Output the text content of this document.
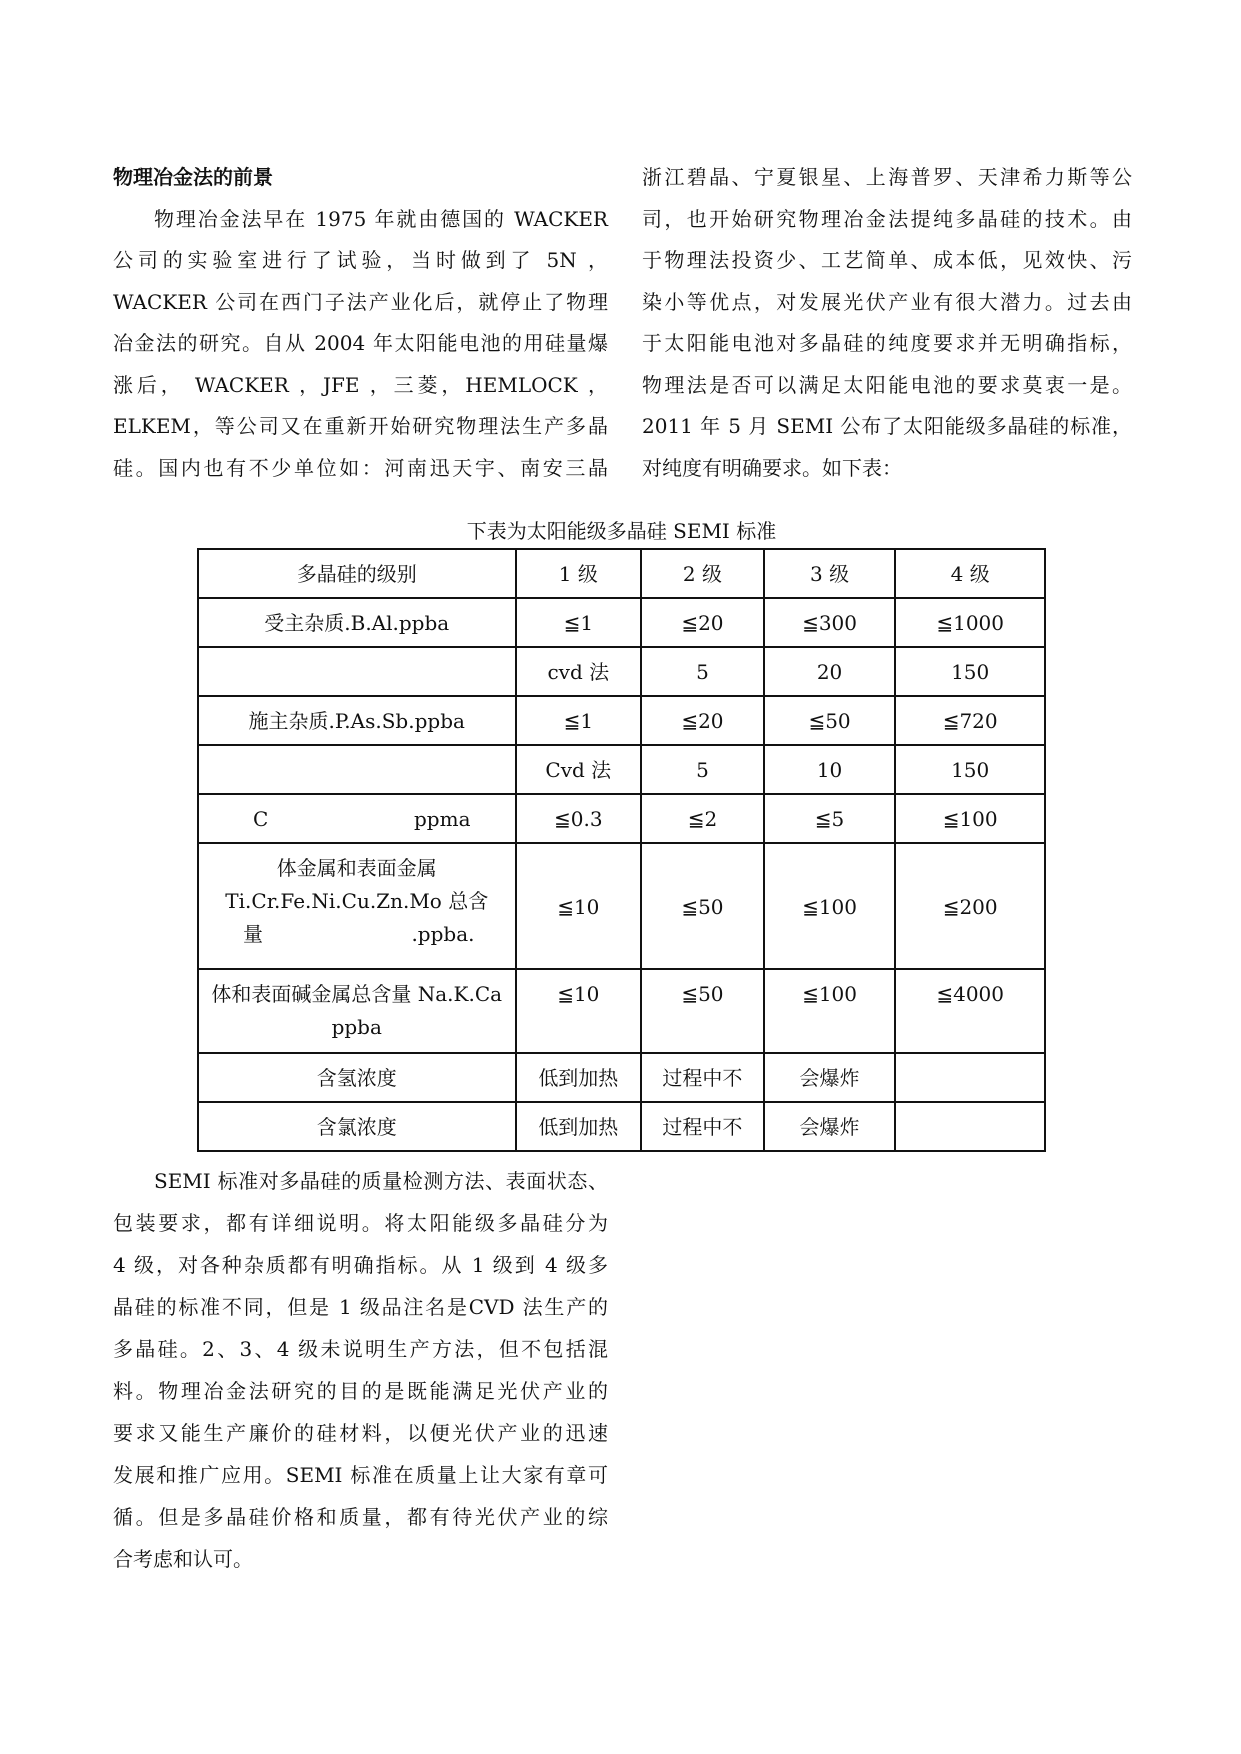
物理冶金法的前景

物理冶金法早在 1975 年就由德国的 WACKER

公司的实验室进行了试验，当时做到了 5N ，

WACKER 公司在西门子法产业化后，就停止了物理

冶金法的研究。自从 2004 年太阳能电池的用硅量爆

涨后， WACKER ，JFE ，三菱，HEMLOCK ，

ELKEM，等公司又在重新开始研究物理法生产多晶

硅。国内也有不少单位如：河南迅天宇、南安三晶

浙江碧晶、宁夏银星、上海普罗、天津希力斯等公

司，也开始研究物理冶金法提纯多晶硅的技术。由

于物理法投资少、工艺简单、成本低，见效快、污

染小等优点，对发展光伏产业有很大潜力。过去由

于太阳能电池对多晶硅的纯度要求并无明确指标，

物理法是否可以满足太阳能电池的要求莫衷一是。

2011 年 5 月 SEMI 公布了太阳能级多晶硅的标准，

对纯度有明确要求。如下表：

下表为太阳能级多晶硅 SEMI 标准
多晶硅的级别	1 级	2 级	3 级	4 级
受主杂质.B.Al.ppba	≦1	≦20	≦300	≦1000
	cvd 法	5	20	150
施主杂质.P.As.Sb.ppba	≦1	≦20	≦50	≦720
	Cvd 法	5	10	150

C ppma	≦0.3	≦2	≦5	≦100

体金属和表面金属
Ti.Cr.Fe.Ni.Cu.Zn.Mo 总含
量 .ppba.	≦10	≦50	≦100	≦200

体和表面碱金属总含量 Na.K.Ca
ppba	≦10	≦50	≦100	≦4000
含氢浓度	低到加热	过程中不	会爆炸	
含氯浓度	低到加热	过程中不	会爆炸	

SEMI 标准对多晶硅的质量检测方法、表面状态、

包装要求，都有详细说明。将太阳能级多晶硅分为

4 级，对各种杂质都有明确指标。从 1 级到 4 级多

晶硅的标准不同，但是 1 级品注名是CVD 法生产的

多晶硅。2、3、4 级未说明生产方法，但不包括混

料。物理冶金法研究的目的是既能满足光伏产业的

要求又能生产廉价的硅材料，以便光伏产业的迅速

发展和推广应用。SEMI 标准在质量上让大家有章可

循。但是多晶硅价格和质量，都有待光伏产业的综

合考虑和认可。
